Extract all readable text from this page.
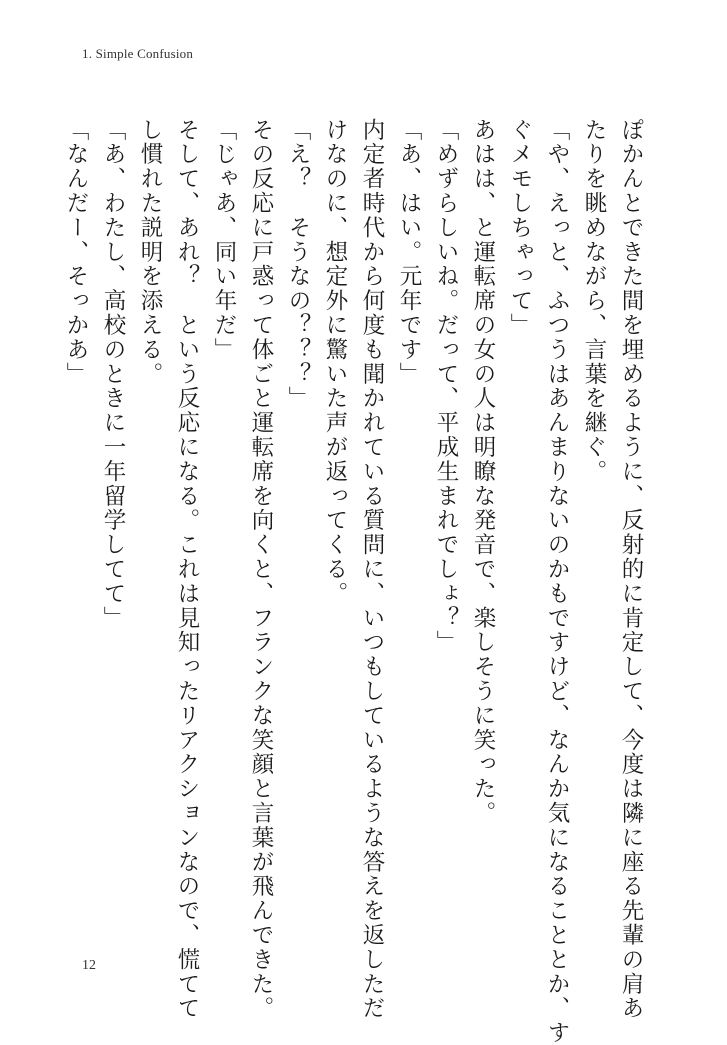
1. Simple Confusion
ぽかんとできた間を埋めるように、反射的に肯定して、今度は隣に座る先輩の肩あ
たりを眺めながら、言葉を継ぐ。
「や、えっと、ふつうはあんまりないのかもですけど、なんか気になることとか、す
ぐメモしちゃって」
あはは、と運転席の女の人は明瞭な発音で、楽しそうに笑った。
「めずらしいね。だって、平成生まれでしょ？」
「あ、はい。元年です」
内定者時代から何度も聞かれている質問に、いつもしているような答えを返しただ
けなのに、想定外に驚いた声が返ってくる。
「え？　そうなの？？？」
その反応に戸惑って体ごと運転席を向くと、フランクな笑顔と言葉が飛んできた。
「じゃあ、同い年だ」
そして、あれ？　という反応になる。これは見知ったリアクションなので、慌てて
し慣れた説明を添える。
「あ、わたし、高校のときに一年留学してて」
「なんだー、そっかあ」
12
